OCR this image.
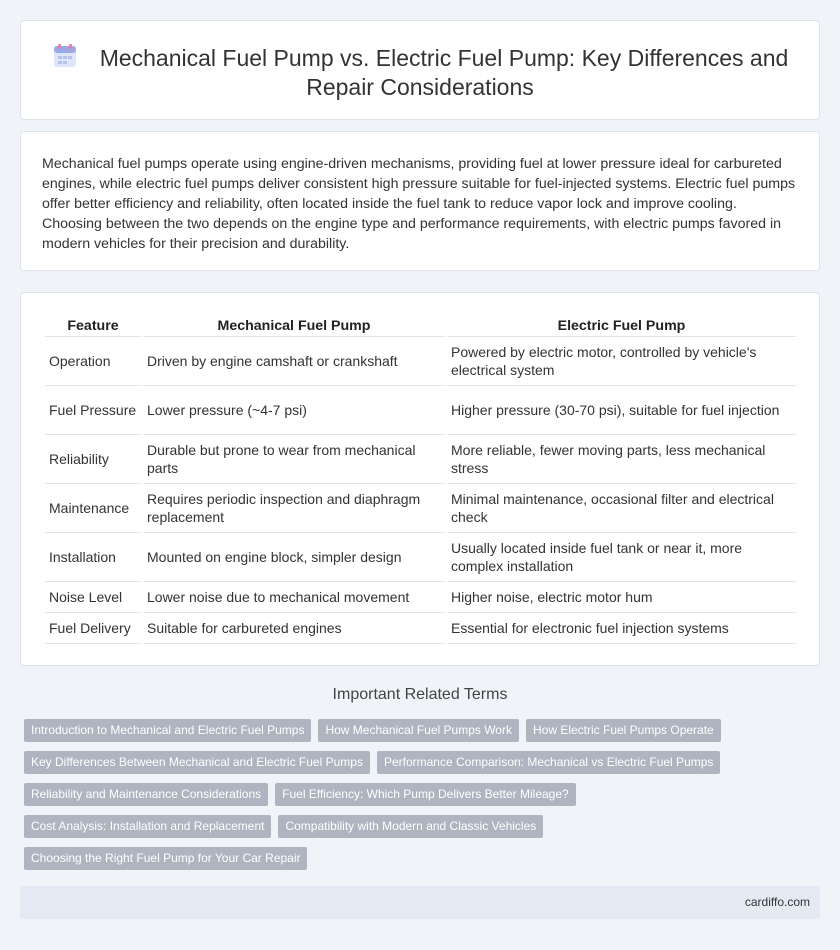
Mechanical Fuel Pump vs. Electric Fuel Pump: Key Differences and Repair Considerations

Mechanical fuel pumps operate using engine-driven mechanisms, providing fuel at lower pressure ideal for carbureted engines, while electric fuel pumps deliver consistent high pressure suitable for fuel-injected systems. Electric fuel pumps offer better efficiency and reliability, often located inside the fuel tank to reduce vapor lock and improve cooling. Choosing between the two depends on the engine type and performance requirements, with electric pumps favored in modern vehicles for their precision and durability.

Feature	Mechanical Fuel Pump	Electric Fuel Pump
Operation	Driven by engine camshaft or crankshaft	Powered by electric motor, controlled by vehicle's electrical system
Fuel Pressure	Lower pressure (~4-7 psi)	Higher pressure (30-70 psi), suitable for fuel injection
Reliability	Durable but prone to wear from mechanical parts	More reliable, fewer moving parts, less mechanical stress
Maintenance	Requires periodic inspection and diaphragm replacement	Minimal maintenance, occasional filter and electrical check
Installation	Mounted on engine block, simpler design	Usually located inside fuel tank or near it, more complex installation
Noise Level	Lower noise due to mechanical movement	Higher noise, electric motor hum
Fuel Delivery	Suitable for carbureted engines	Essential for electronic fuel injection systems
Important Related Terms
Introduction to Mechanical and Electric Fuel Pumps	How Mechanical Fuel Pumps Work	How Electric Fuel Pumps Operate
Key Differences Between Mechanical and Electric Fuel Pumps	Performance Comparison: Mechanical vs Electric Fuel Pumps
Reliability and Maintenance Considerations	Fuel Efficiency: Which Pump Delivers Better Mileage?
Cost Analysis: Installation and Replacement	Compatibility with Modern and Classic Vehicles
Choosing the Right Fuel Pump for Your Car Repair
cardiffo.com
